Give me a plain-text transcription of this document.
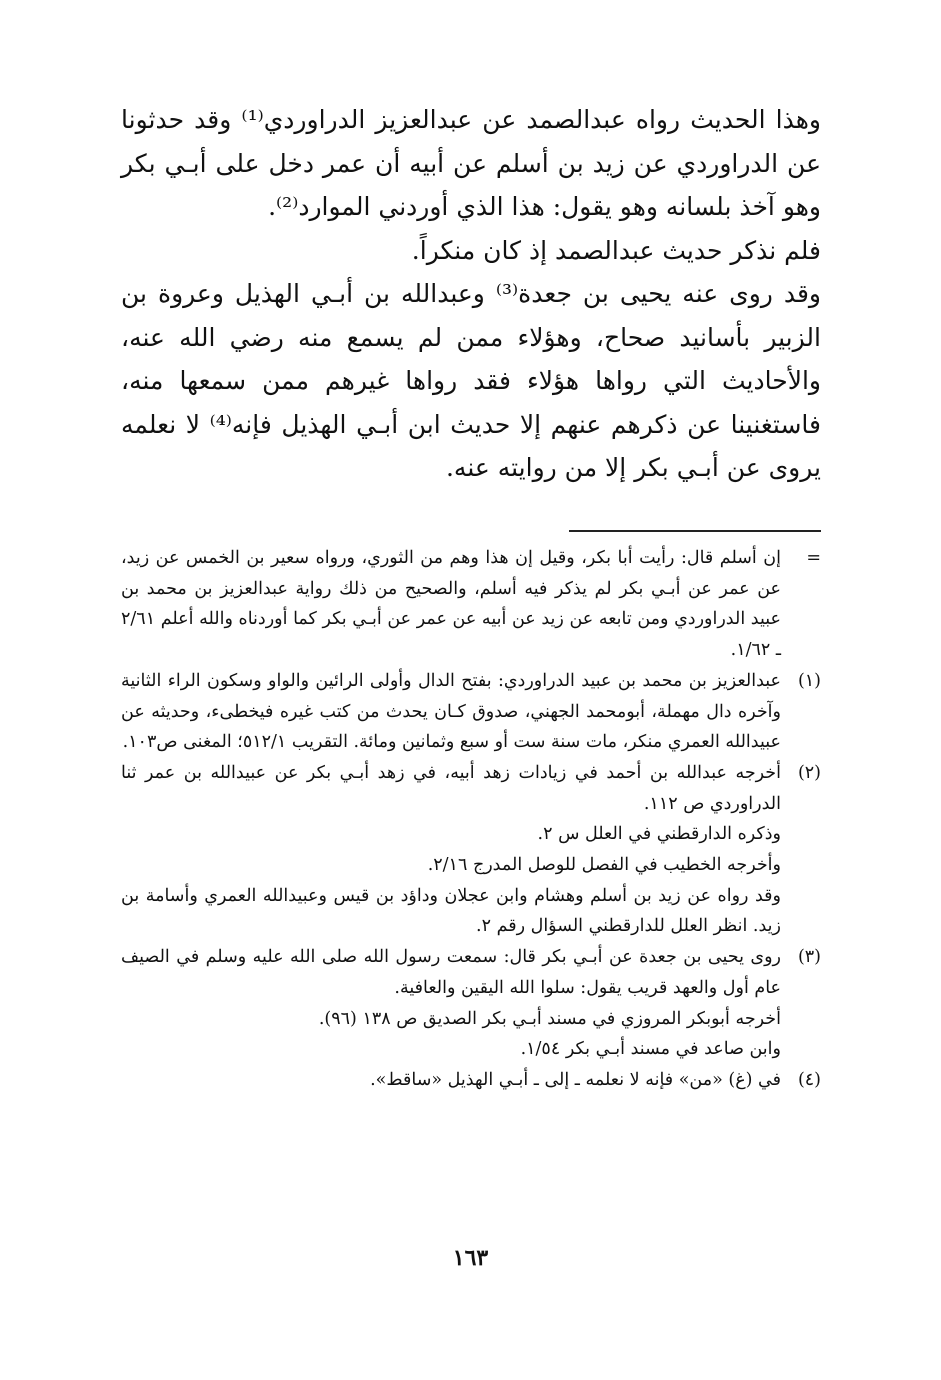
وهذا الحديث رواه عبدالصمد عن عبدالعزيز الدراوردي⁽¹⁾ وقد حدثونا عن الدراوردي عن زيد بن أسلم عن أبيه أن عمر دخل على أبـي بكر وهو آخذ بلسانه وهو يقول: هذا الذي أوردني الموارد⁽²⁾.

فلم نذكر حديث عبدالصمد إذ كان منكراً.

وقد روى عنه يحيى بن جعدة⁽³⁾ وعبدالله بن أبـي الهذيل وعروة بن الزبير بأسانيد صحاح، وهؤلاء ممن لم يسمع منه رضي الله عنه، والأحاديث التي رواها هؤلاء فقد رواها غيرهم ممن سمعها منه، فاستغنينا عن ذكرهم عنهم إلا حديث ابن أبـي الهذيل فإنه⁽⁴⁾ لا نعلمه يروى عن أبـي بكر إلا من روايته عنه.

=
إن أسلم قال: رأيت أبا بكر، وقيل إن هذا وهم من الثوري، ورواه سعير بن الخمس عن زيد، عن عمر عن أبـي بكر لم يذكر فيه أسلم، والصحيح من ذلك رواية عبدالعزيز بن محمد بن عبيد الدراوردي ومن تابعه عن زيد عن أبيه عن عمر عن أبـي بكر كما أوردناه والله أعلم ٢/٦١ ـ ١/٦٢.
(١)
عبدالعزيز بن محمد بن عبيد الدراوردي: بفتح الدال وأولى الرائين والواو وسكون الراء الثانية وآخره دال مهملة، أبومحمد الجهني، صدوق كـان يحدث من كتب غيره فيخطىء، وحديثه عن عبيدالله العمري منكر، مات سنة ست أو سبع وثمانين ومائة. التقريب ٥١٢/١؛ المغنى ص١٠٣.
(٢)
أخرجه عبدالله بن أحمد في زيادات زهد أبيه، في زهد أبـي بكر عن عبيدالله بن عمر ثنا الدراوردي ص ١١٢.
وذكره الدارقطني في العلل س ٢.
وأخرجه الخطيب في الفصل للوصل المدرج ٢/١٦.
وقد رواه عن زيد بن أسلم وهشام وابن عجلان وداؤد بن قيس وعبيدالله العمري وأسامة بن زيد. انظر العلل للدارقطني السؤال رقم ٢.
(٣)
روى يحيى بن جعدة عن أبـي بكر قال: سمعت رسول الله صلى الله عليه وسلم في الصيف عام أول والعهد قريب يقول: سلوا الله اليقين والعافية.
أخرجه أبوبكر المروزي في مسند أبـي بكر الصديق ص ١٣٨ (٩٦).
وابن صاعد في مسند أبـي بكر ١/٥٤.
(٤)
في (غ) «من» فإنه لا نعلمه ـ إلى ـ أبـي الهذيل «ساقط».
١٦٣
